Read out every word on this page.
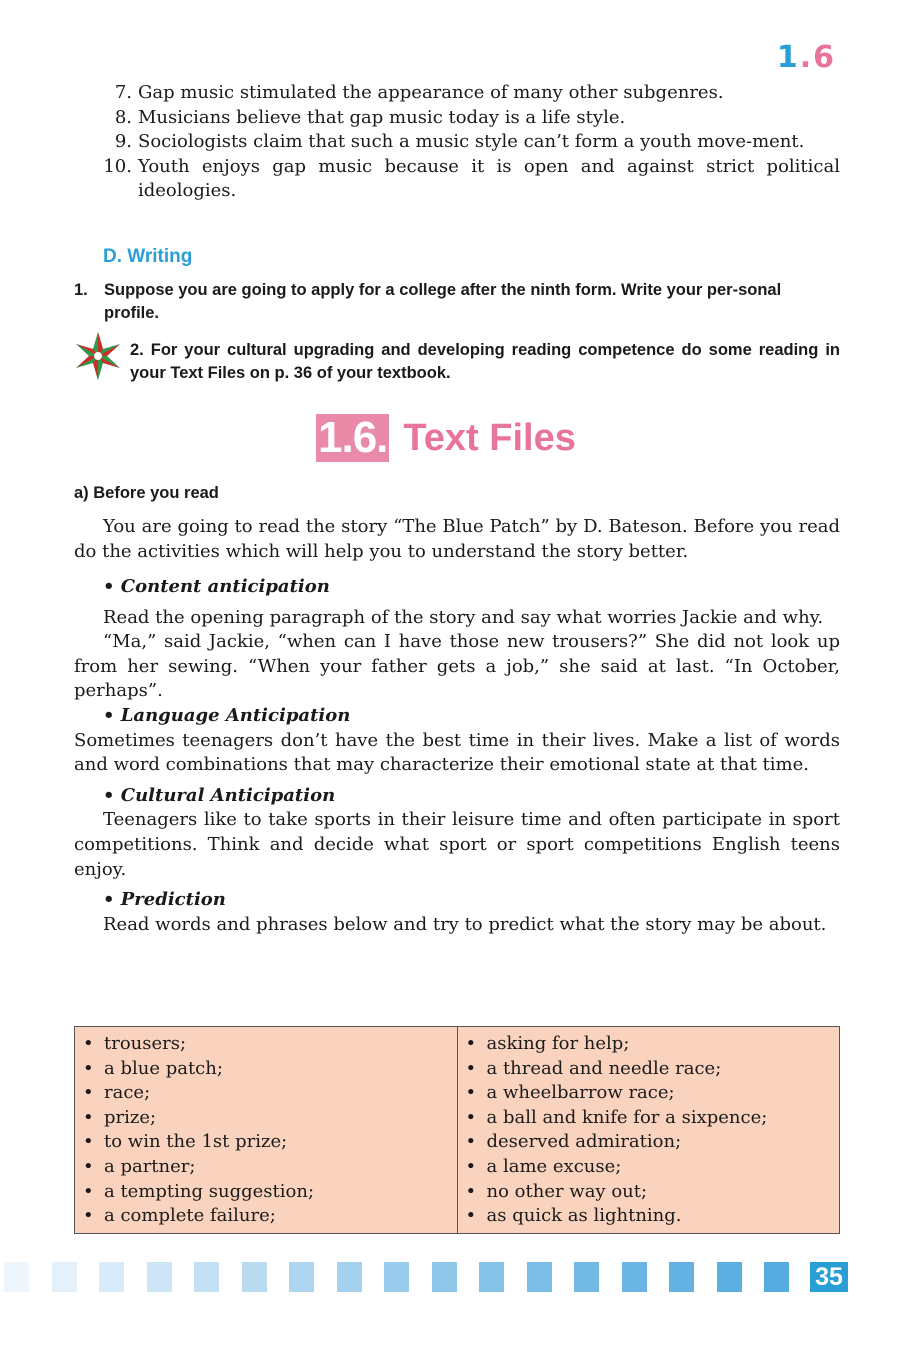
1.6
7. Gap music stimulated the appearance of many other subgenres.
8. Musicians believe that gap music today is a life style.
9. Sociologists claim that such a music style can’t form a youth move-ment.
10. Youth enjoys gap music because it is open and against strict political ideologies.
D. Writing
1. Suppose you are going to apply for a college after the ninth form. Write your per-sonal profile.
2. For your cultural upgrading and developing reading competence do some reading in your Text Files on p. 36 of your textbook.
1.6. Text Files
a) Before you read

You are going to read the story “The Blue Patch” by D. Bateson. Before you read do the activities which will help you to understand the story better.

• Content anticipation

Read the opening paragraph of the story and say what worries Jackie and why.

“Ma,” said Jackie, “when can I have those new trousers?” She did not look up from her sewing. “When your father gets a job,” she said at last. “In October, perhaps”.

• Language Anticipation

Sometimes teenagers don’t have the best time in their lives. Make a list of words and word combinations that may characterize their emotional state at that time.

• Cultural Anticipation

Teenagers like to take sports in their leisure time and often participate in sport competitions. Think and decide what sport or sport competitions English teens enjoy.

• Prediction

Read words and phrases below and try to predict what the story may be about.

• trousers;
• a blue patch;
• race;
• prize;
• to win the 1st prize;
• a partner;
• a tempting suggestion;
• a complete failure;
• asking for help;
• a thread and needle race;
• a wheelbarrow race;
• a ball and knife for a sixpence;
• deserved admiration;
• a lame excuse;
• no other way out;
• as quick as lightning.
35
